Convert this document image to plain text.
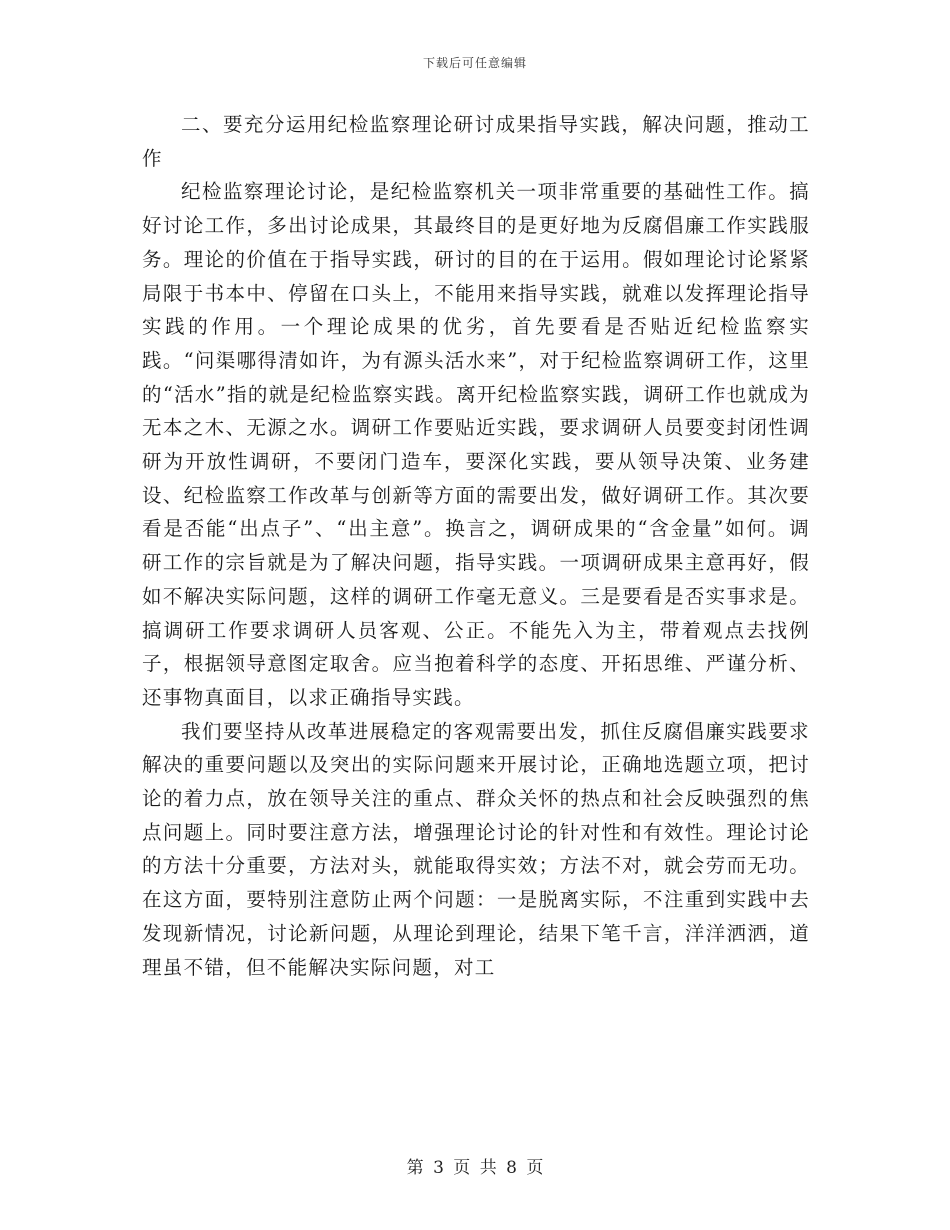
下载后可任意编辑

二、要充分运用纪检监察理论研讨成果指导实践，解决问题，推动工作

纪检监察理论讨论，是纪检监察机关一项非常重要的基础性工作。搞好讨论工作，多出讨论成果，其最终目的是更好地为反腐倡廉工作实践服务。理论的价值在于指导实践，研讨的目的在于运用。假如理论讨论紧紧局限于书本中、停留在口头上，不能用来指导实践，就难以发挥理论指导实践的作用。一个理论成果的优劣，首先要看是否贴近纪检监察实践。“问渠哪得清如许，为有源头活水来”，对于纪检监察调研工作，这里的“活水”指的就是纪检监察实践。离开纪检监察实践，调研工作也就成为无本之木、无源之水。调研工作要贴近实践，要求调研人员要变封闭性调研为开放性调研，不要闭门造车，要深化实践，要从领导决策、业务建设、纪检监察工作改革与创新等方面的需要出发，做好调研工作。其次要看是否能“出点子”、“出主意”。换言之，调研成果的“含金量”如何。调研工作的宗旨就是为了解决问题，指导实践。一项调研成果主意再好，假如不解决实际问题，这样的调研工作毫无意义。三是要看是否实事求是。搞调研工作要求调研人员客观、公正。不能先入为主，带着观点去找例子，根据领导意图定取舍。应当抱着科学的态度、开拓思维、严谨分析、还事物真面目，以求正确指导实践。

我们要坚持从改革进展稳定的客观需要出发，抓住反腐倡廉实践要求解决的重要问题以及突出的实际问题来开展讨论，正确地选题立项，把讨论的着力点，放在领导关注的重点、群众关怀的热点和社会反映强烈的焦点问题上。同时要注意方法，增强理论讨论的针对性和有效性。理论讨论的方法十分重要，方法对头，就能取得实效；方法不对，就会劳而无功。在这方面，要特别注意防止两个问题：一是脱离实际，不注重到实践中去发现新情况，讨论新问题，从理论到理论，结果下笔千言，洋洋洒洒，道理虽不错，但不能解决实际问题，对工

第 3 页 共 8 页
